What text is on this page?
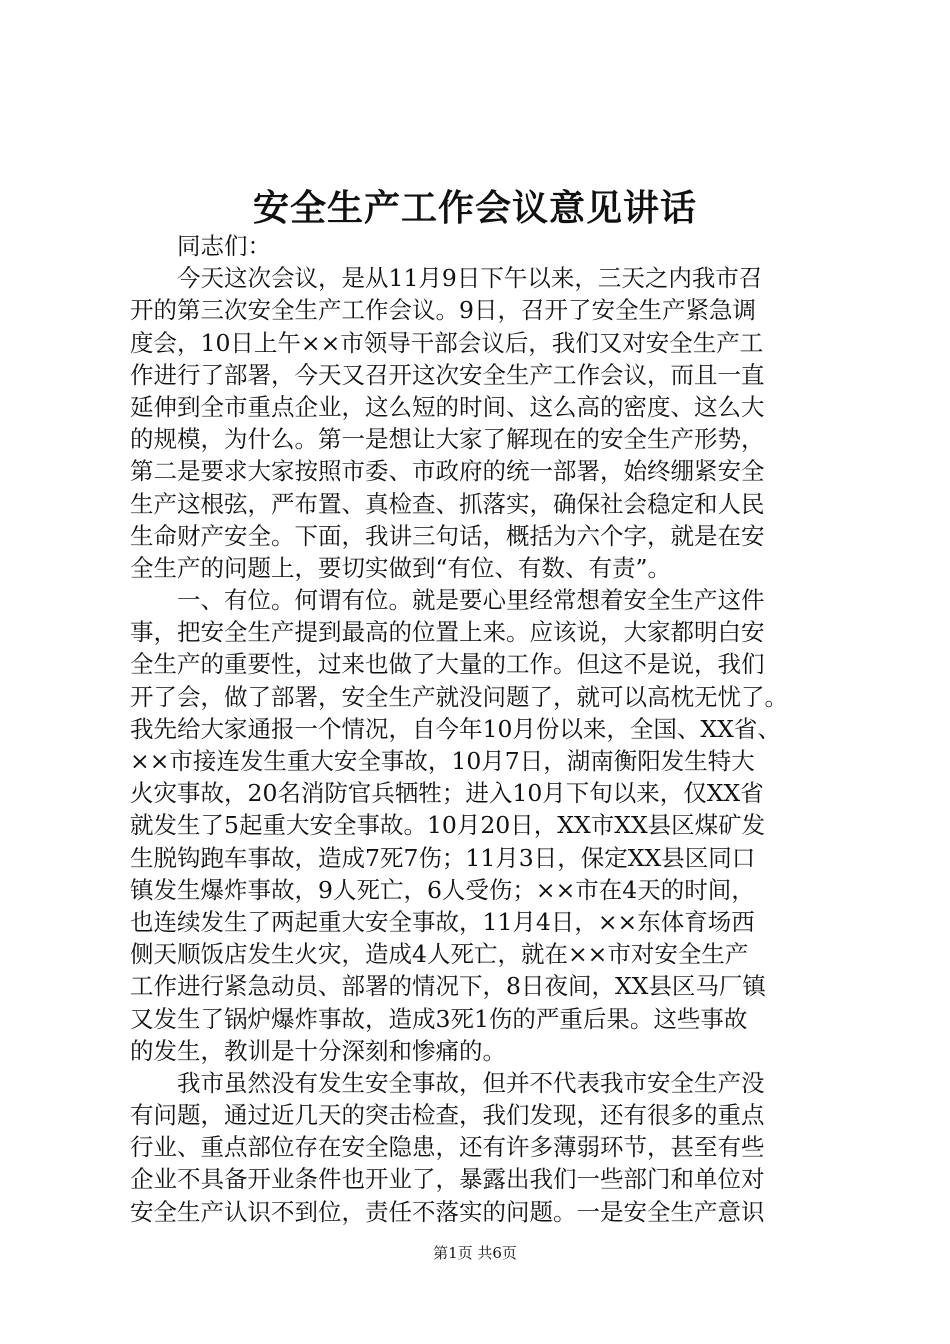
安全生产工作会议意见讲话
　　同志们：
　　今天这次会议，是从11月9日下午以来，三天之内我市召
开的第三次安全生产工作会议。9日，召开了安全生产紧急调
度会，10日上午××市领导干部会议后，我们又对安全生产工
作进行了部署，今天又召开这次安全生产工作会议，而且一直
延伸到全市重点企业，这么短的时间、这么高的密度、这么大
的规模，为什么。第一是想让大家了解现在的安全生产形势，
第二是要求大家按照市委、市政府的统一部署，始终绷紧安全
生产这根弦，严布置、真检查、抓落实，确保社会稳定和人民
生命财产安全。下面，我讲三句话，概括为六个字，就是在安
全生产的问题上，要切实做到“有位、有数、有责”。
　　一、有位。何谓有位。就是要心里经常想着安全生产这件
事，把安全生产提到最高的位置上来。应该说，大家都明白安
全生产的重要性，过来也做了大量的工作。但这不是说，我们
开了会，做了部署，安全生产就没问题了，就可以高枕无忧了。
我先给大家通报一个情况，自今年10月份以来，全国、XX省、
××市接连发生重大安全事故，10月7日，湖南衡阳发生特大
火灾事故，20名消防官兵牺牲；进入10月下旬以来，仅XX省
就发生了5起重大安全事故。10月20日，XX市XX县区煤矿发
生脱钩跑车事故，造成7死7伤；11月3日，保定XX县区同口
镇发生爆炸事故，9人死亡，6人受伤；××市在4天的时间，
也连续发生了两起重大安全事故，11月4日，××东体育场西
侧天顺饭店发生火灾，造成4人死亡，就在××市对安全生产
工作进行紧急动员、部署的情况下，8日夜间，XX县区马厂镇
又发生了锅炉爆炸事故，造成3死1伤的严重后果。这些事故
的发生，教训是十分深刻和惨痛的。
　　我市虽然没有发生安全事故，但并不代表我市安全生产没
有问题，通过近几天的突击检查，我们发现，还有很多的重点
行业、重点部位存在安全隐患，还有许多薄弱环节，甚至有些
企业不具备开业条件也开业了，暴露出我们一些部门和单位对
安全生产认识不到位，责任不落实的问题。一是安全生产意识
第1页 共6页
